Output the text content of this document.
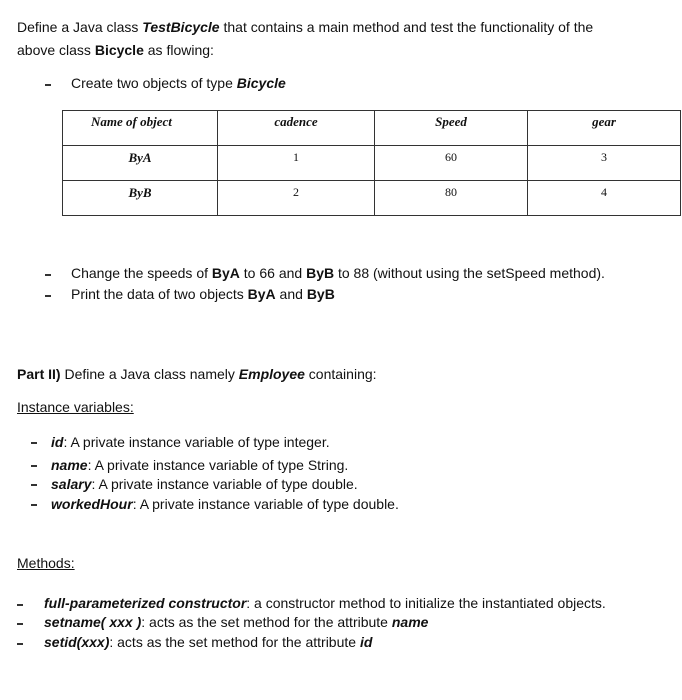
Define a Java class TestBicycle that contains a main method and test the functionality of the
above class Bicycle as flowing:
Create two objects of type Bicycle
Name of object	cadence	Speed	gear
ByA	1	60	3
ByB	2	80	4
Change the speeds of ByA to 66 and ByB to 88 (without using the setSpeed method).
Print the data of two objects ByA and ByB
Part II) Define a Java class namely Employee containing:
Instance variables:
id: A private instance variable of type integer.
name: A private instance variable of type String.
salary: A private instance variable of type double.
workedHour: A private instance variable of type double.
Methods:
full-parameterized constructor: a constructor method to initialize the instantiated objects.
setname( xxx ): acts as the set method for the attribute name
setid(xxx): acts as the set method for the attribute id
